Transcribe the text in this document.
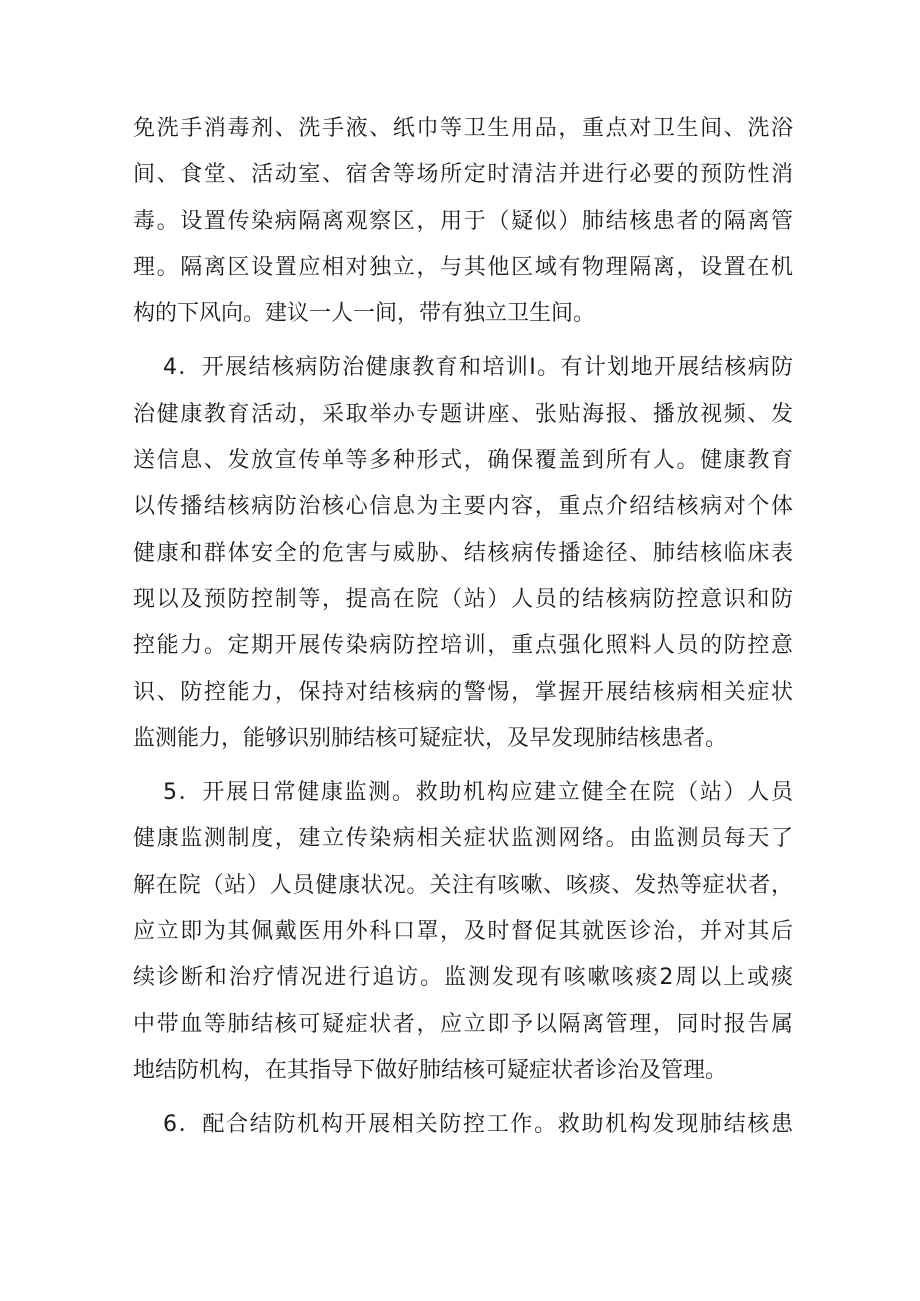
免洗手消毒剂、洗手液、纸巾等卫生用品，重点对卫生间、洗浴
间、食堂、活动室、宿舍等场所定时清洁并进行必要的预防性消
毒。设置传染病隔离观察区，用于（疑似）肺结核患者的隔离管
理。隔离区设置应相对独立，与其他区域有物理隔离，设置在机
构的下风向。建议一人一间，带有独立卫生间。
4．开展结核病防治健康教育和培训Ⅰ。有计划地开展结核病防
治健康教育活动，采取举办专题讲座、张贴海报、播放视频、发
送信息、发放宣传单等多种形式，确保覆盖到所有人。健康教育
以传播结核病防治核心信息为主要内容，重点介绍结核病对个体
健康和群体安全的危害与威胁、结核病传播途径、肺结核临床表
现以及预防控制等，提高在院（站）人员的结核病防控意识和防
控能力。定期开展传染病防控培训，重点强化照料人员的防控意
识、防控能力，保持对结核病的警惕，掌握开展结核病相关症状
监测能力，能够识别肺结核可疑症状，及早发现肺结核患者。
5．开展日常健康监测。救助机构应建立健全在院（站）人员
健康监测制度，建立传染病相关症状监测网络。由监测员每天了
解在院（站）人员健康状况。关注有咳嗽、咳痰、发热等症状者，
应立即为其佩戴医用外科口罩，及时督促其就医诊治，并对其后
续诊断和治疗情况进行追访。监测发现有咳嗽咳痰2周以上或痰
中带血等肺结核可疑症状者，应立即予以隔离管理，同时报告属
地结防机构，在其指导下做好肺结核可疑症状者诊治及管理。
6．配合结防机构开展相关防控工作。救助机构发现肺结核患
